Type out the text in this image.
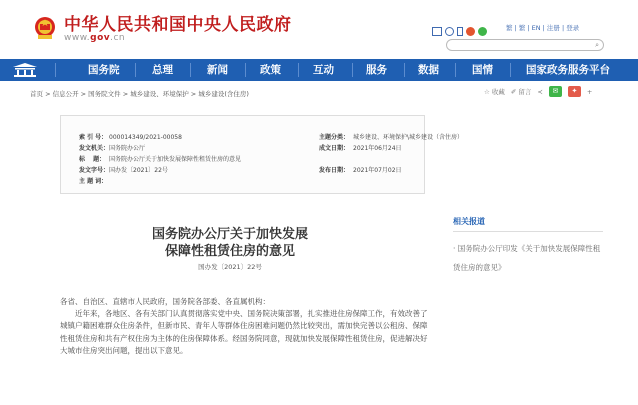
中华人民共和国中央人民政府
www.gov.cn
繁 | 繁 | EN | 注册 | 登录
⌕
国务院	总理	新闻	政策	互动	服务	数据	国情	国家政务服务平台
首页 > 信息公开 > 国务院文件 > 城乡建设、环境保护 > 城乡建设(含住房)	☆ 收藏 ✐ 留言 ≺	✉	✦	+
索 引 号： 000014349/2021-00058	主题分类： 城乡建设、环境保护\城乡建设（含住房）
发文机关：国务院办公厅	成文日期： 2021年06月24日
标　 题： 国务院办公厅关于加快发展保障性租赁住房的意见
发文字号：国办发〔2021〕22号	发布日期： 2021年07月02日
主 题 词：
国务院办公厅关于加快发展
保障性租赁住房的意见
国办发〔2021〕22号

各省、自治区、直辖市人民政府，国务院各部委、各直属机构：

　　近年来，各地区、各有关部门认真贯彻落实党中央、国务院决策部署，扎实推进住房保障工作，有效改善了城镇户籍困难群众住房条件，但新市民、青年人等群体住房困难问题仍然比较突出，需加快完善以公租房、保障性租赁住房和共有产权住房为主体的住房保障体系。经国务院同意，现就加快发展保障性租赁住房，促进解决好大城市住房突出问题，提出以下意见。

相关报道
· 国务院办公厅印发《关于加快发展保障性租赁住房的意见》
